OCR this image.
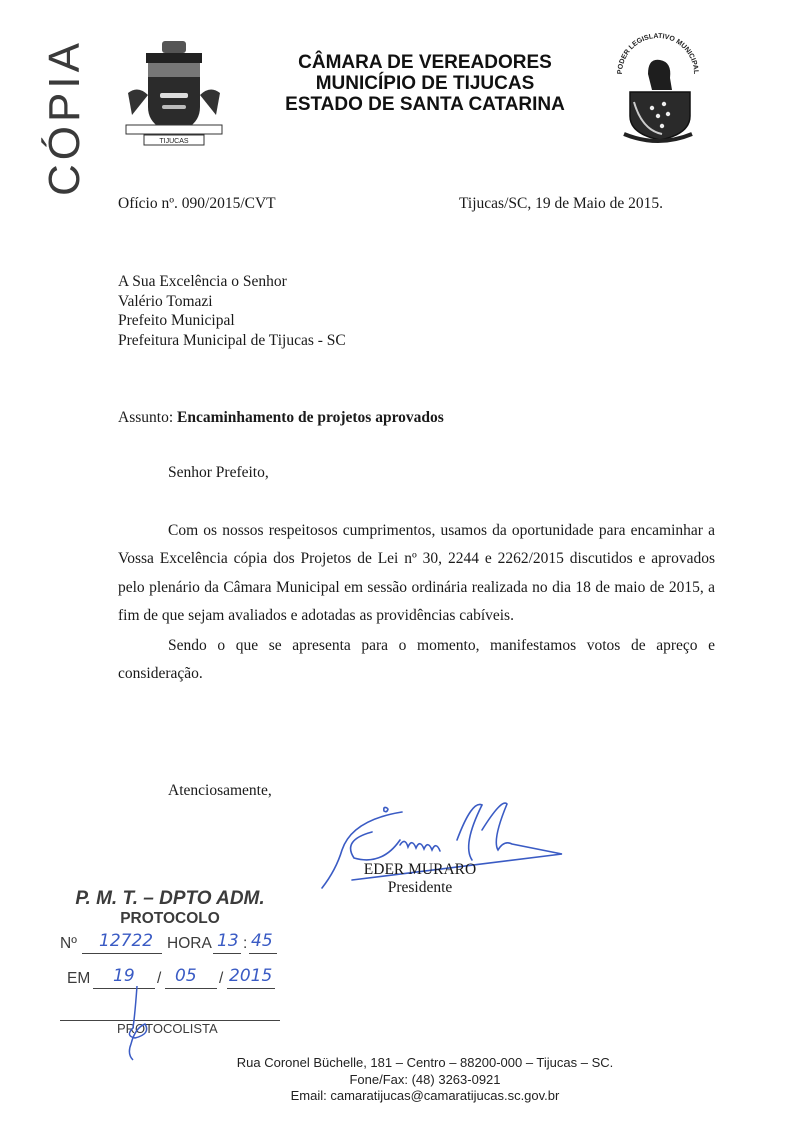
CÓPIA	TIJUCAS
CÂMARA DE VEREADORES
MUNICÍPIO DE TIJUCAS
ESTADO DE SANTA CATARINA
PODER LEGISLATIVO MUNICIPAL
Ofício nº. 090/2015/CVT	Tijucas/SC, 19 de Maio de 2015.
A Sua Excelência o Senhor
Valério Tomazi
Prefeito Municipal
Prefeitura Municipal de Tijucas - SC
Assunto: Encaminhamento de projetos aprovados
Senhor Prefeito,

Com os nossos respeitosos cumprimentos, usamos da oportunidade para encaminhar a Vossa Excelência cópia dos Projetos de Lei nº 30, 2244 e 2262/2015 discutidos e aprovados pelo plenário da Câmara Municipal em sessão ordinária realizada no dia 18 de maio de 2015, a fim de que sejam avaliados e adotadas as providências cabíveis.

Sendo o que se apresenta para o momento, manifestamos votos de apreço e consideração.

Atenciosamente,
EDER MURARO
Presidente
P. M. T. – DPTO ADM.
PROTOCOLO
Nº 12722 HORA 13 : 45
EM 19 / 05 / 2015
PROTOCOLISTA
Rua Coronel Büchelle, 181 – Centro – 88200-000 – Tijucas – SC.
Fone/Fax: (48) 3263-0921
Email: camaratijucas@camaratijucas.sc.gov.br
